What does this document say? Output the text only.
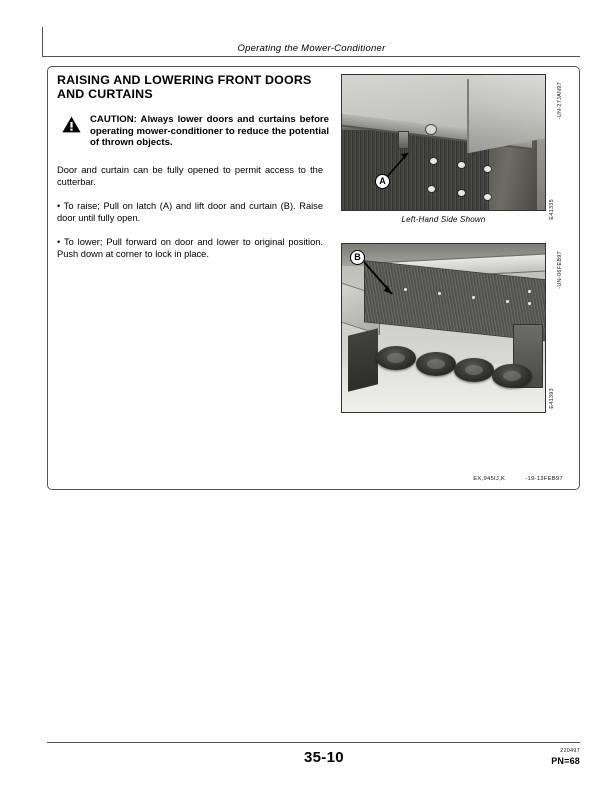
Operating the Mower-Conditioner
RAISING AND LOWERING FRONT DOORS AND CURTAINS
CAUTION: Always lower doors and curtains before operating mower-conditioner to reduce the potential of thrown objects.

Door and curtain can be fully opened to permit access to the cutterbar.

• To raise; Pull on latch (A) and lift door and curtain (B). Raise door until fully open.

• To lower; Pull forward on door and lower to original position. Push down at corner to lock in place.

A
-UN-27JAN97
E41335
Left-Hand Side Shown
B	-UN-06FEB97
E41393
EX,945IJ,K	-19-13FEB97
35-10	220497
PN=68
